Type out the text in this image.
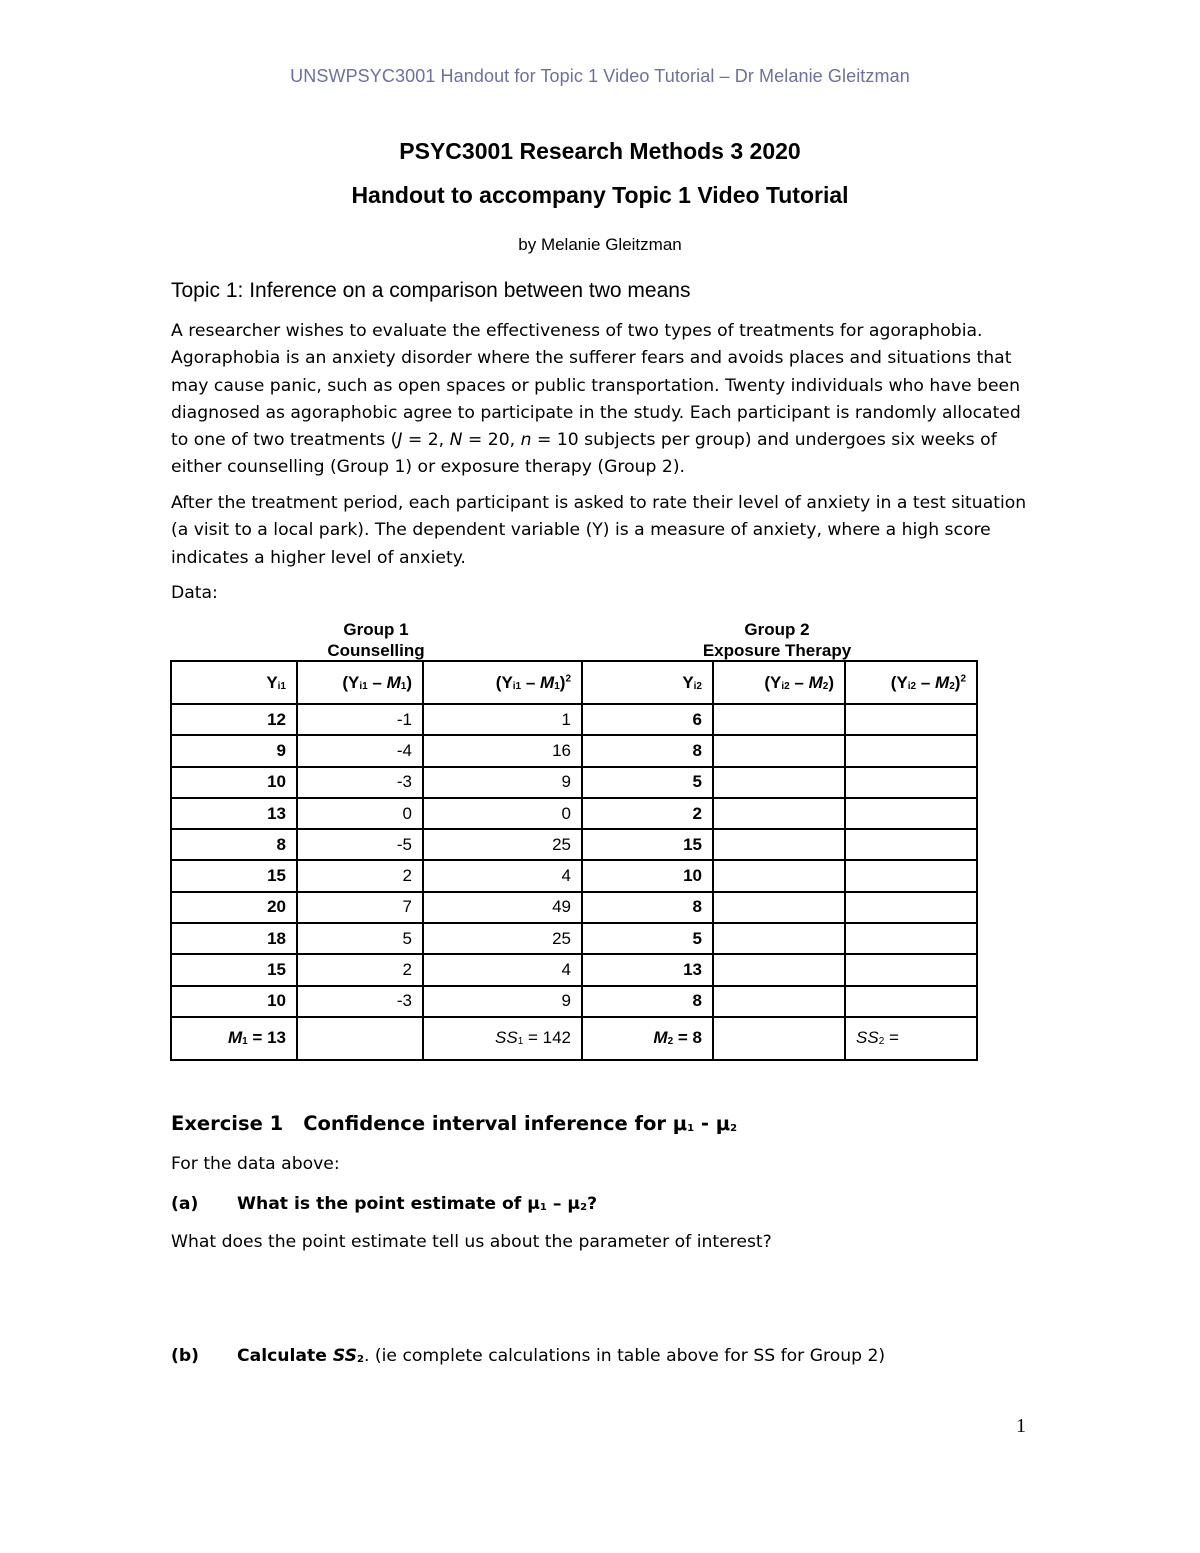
UNSWPSYC3001 Handout for Topic 1 Video Tutorial – Dr Melanie Gleitzman
PSYC3001 Research Methods 3 2020
Handout to accompany Topic 1 Video Tutorial
by Melanie Gleitzman
Topic 1: Inference on a comparison between two means
A researcher wishes to evaluate the effectiveness of two types of treatments for agoraphobia. Agoraphobia is an anxiety disorder where the sufferer fears and avoids places and situations that may cause panic, such as open spaces or public transportation. Twenty individuals who have been diagnosed as agoraphobic agree to participate in the study. Each participant is randomly allocated to one of two treatments (J = 2, N = 20, n = 10 subjects per group) and undergoes six weeks of either counselling (Group 1) or exposure therapy (Group 2).
After the treatment period, each participant is asked to rate their level of anxiety in a test situation (a visit to a local park). The dependent variable (Y) is a measure of anxiety, where a high score indicates a higher level of anxiety.
Data:
Group 1
Counselling
Group 2
Exposure Therapy
$Y_{i1}$	$(Y_{i1} - M_1)$	$(Y_{i1} - M_1)^2$	$Y_{i2}$	$(Y_{i2} - M_2)$	$(Y_{i2} - M_2)^2$
12	-1	1	6		
9	-4	16	8		
10	-3	9	5		
13	0	0	2		
8	-5	25	15		
15	2	4	10		
20	7	49	8		
18	5	25	5		
15	2	4	13		
10	-3	9	8		
$M_1 = 13$		$SS_1 = 142$	$M_2 = 8$		$SS_2$ =
Exercise 1 Confidence interval inference for $\mu_1 - \mu_2$
For the data above:
(a) What is the point estimate of $\mu_1 - \mu_2$?
What does the point estimate tell us about the parameter of interest?
(b) Calculate $SS_2$. (ie complete calculations in table above for SS for Group 2)
1
